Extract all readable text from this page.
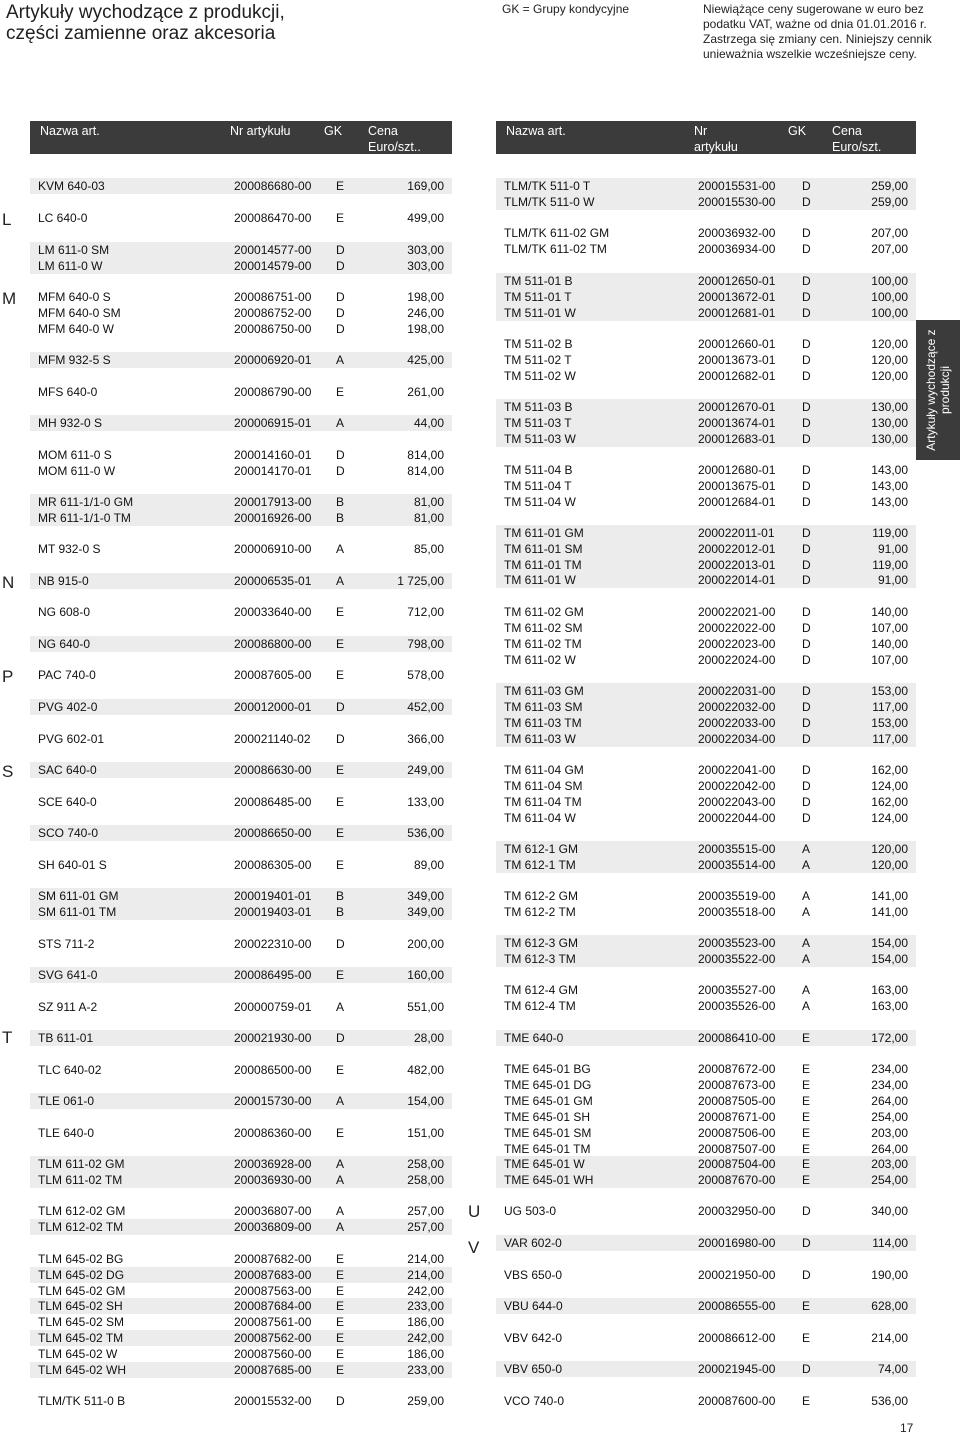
Artykuły wychodzące z produkcji, części zamienne oraz akcesoria
GK = Grupy kondycyjne	Niewiążące ceny sugerowane w euro bez podatku VAT, ważne od dnia 01.01.2016 r. Zastrzega się zmiany cen. Niniejszy cennik unieważnia wszelkie wcześniejsze ceny.
Nazwa art.	Nr artykułu	GK Cena Euro/szt..
Nazwa art.	Nr artykułu
GK Cena Euro/szt.
L
M
N
P
S
T
U
V
KVM 640-03	200086680-00 E	169,00
LC 640-0	200086470-00 E	499,00
LM 611-0 SM	200014577-00 D	303,00
LM 611-0 W	200014579-00 D	303,00
MFM 640-0 S	200086751-00 D	198,00
MFM 640-0 SM	200086752-00 D	246,00
MFM 640-0 W	200086750-00 D	198,00
MFM 932-5 S	200006920-01 A	425,00
MFS 640-0	200086790-00 E	261,00
MH 932-0 S	200006915-01 A	44,00
MOM 611-0 S	200014160-01 D	814,00
MOM 611-0 W	200014170-01 D	814,00
MR 611-1/1-0 GM	200017913-00 B	81,00
MR 611-1/1-0 TM	200016926-00 B	81,00
MT 932-0 S	200006910-00 A	85,00
NB 915-0	200006535-01 A	1 725,00
NG 608-0	200033640-00 E	712,00
NG 640-0	200086800-00 E	798,00
PAC 740-0	200087605-00 E	578,00
PVG 402-0	200012000-01 D	452,00
PVG 602-01	200021140-02 D	366,00
SAC 640-0	200086630-00 E	249,00
SCE 640-0	200086485-00 E	133,00
SCO 740-0	200086650-00 E	536,00
SH 640-01 S	200086305-00 E	89,00
SM 611-01 GM	200019401-01 B	349,00
SM 611-01 TM	200019403-01 B	349,00
STS 711-2	200022310-00 D	200,00
SVG 641-0	200086495-00 E	160,00
SZ 911 A-2	200000759-01 A	551,00
TB 611-01	200021930-00 D	28,00
TLC 640-02	200086500-00 E	482,00
TLE 061-0	200015730-00 A	154,00
TLE 640-0	200086360-00 E	151,00
TLM 611-02 GM	200036928-00 A	258,00
TLM 611-02 TM	200036930-00 A	258,00
TLM 612-02 GM	200036807-00 A	257,00
TLM 612-02 TM	200036809-00 A	257,00
TLM 645-02 BG	200087682-00 E	214,00
TLM 645-02 DG	200087683-00 E	214,00
TLM 645-02 GM	200087563-00 E	242,00
TLM 645-02 SH	200087684-00 E	233,00
TLM 645-02 SM	200087561-00 E	186,00
TLM 645-02 TM	200087562-00 E	242,00
TLM 645-02 W	200087560-00 E	186,00
TLM 645-02 WH	200087685-00 E	233,00
TLM/TK 511-0 B	200015532-00 D	259,00
TLM/TK 511-0 T	200015531-00 D	259,00
TLM/TK 511-0 W	200015530-00 D	259,00
TLM/TK 611-02 GM	200036932-00 D	207,00
TLM/TK 611-02 TM	200036934-00 D	207,00
TM 511-01 B	200012650-01 D	100,00
TM 511-01 T	200013672-01 D	100,00
TM 511-01 W	200012681-01 D	100,00
TM 511-02 B	200012660-01 D	120,00
TM 511-02 T	200013673-01 D	120,00
TM 511-02 W	200012682-01 D	120,00
TM 511-03 B	200012670-01 D	130,00
TM 511-03 T	200013674-01 D	130,00
TM 511-03 W	200012683-01 D	130,00
TM 511-04 B	200012680-01 D	143,00
TM 511-04 T	200013675-01 D	143,00
TM 511-04 W	200012684-01 D	143,00
TM 611-01 GM	200022011-01 D	119,00
TM 611-01 SM	200022012-01 D	91,00
TM 611-01 TM	200022013-01 D	119,00
TM 611-01 W	200022014-01 D	91,00
TM 611-02 GM	200022021-00 D	140,00
TM 611-02 SM	200022022-00 D	107,00
TM 611-02 TM	200022023-00 D	140,00
TM 611-02 W	200022024-00 D	107,00
TM 611-03 GM	200022031-00 D	153,00
TM 611-03 SM	200022032-00 D	117,00
TM 611-03 TM	200022033-00 D	153,00
TM 611-03 W	200022034-00 D	117,00
TM 611-04 GM	200022041-00 D	162,00
TM 611-04 SM	200022042-00 D	124,00
TM 611-04 TM	200022043-00 D	162,00
TM 611-04 W	200022044-00 D	124,00
TM 612-1 GM	200035515-00 A	120,00
TM 612-1 TM	200035514-00 A	120,00
TM 612-2 GM	200035519-00 A	141,00
TM 612-2 TM	200035518-00 A	141,00
TM 612-3 GM	200035523-00 A	154,00
TM 612-3 TM	200035522-00 A	154,00
TM 612-4 GM	200035527-00 A	163,00
TM 612-4 TM	200035526-00 A	163,00
TME 640-0	200086410-00 E	172,00
TME 645-01 BG	200087672-00 E	234,00
TME 645-01 DG	200087673-00 E	234,00
TME 645-01 GM	200087505-00 E	264,00
TME 645-01 SH	200087671-00 E	254,00
TME 645-01 SM	200087506-00 E	203,00
TME 645-01 TM	200087507-00 E	264,00
TME 645-01 W	200087504-00 E	203,00
TME 645-01 WH	200087670-00 E	254,00
UG 503-0	200032950-00 D	340,00
VAR 602-0	200016980-00 D	114,00
VBS 650-0	200021950-00 D	190,00
VBU 644-0	200086555-00 E	628,00
VBV 642-0	200086612-00 E	214,00
VBV 650-0	200021945-00 D	74,00
VCO 740-0	200087600-00 E	536,00
Artykuły wychodzące z produkcji
17
